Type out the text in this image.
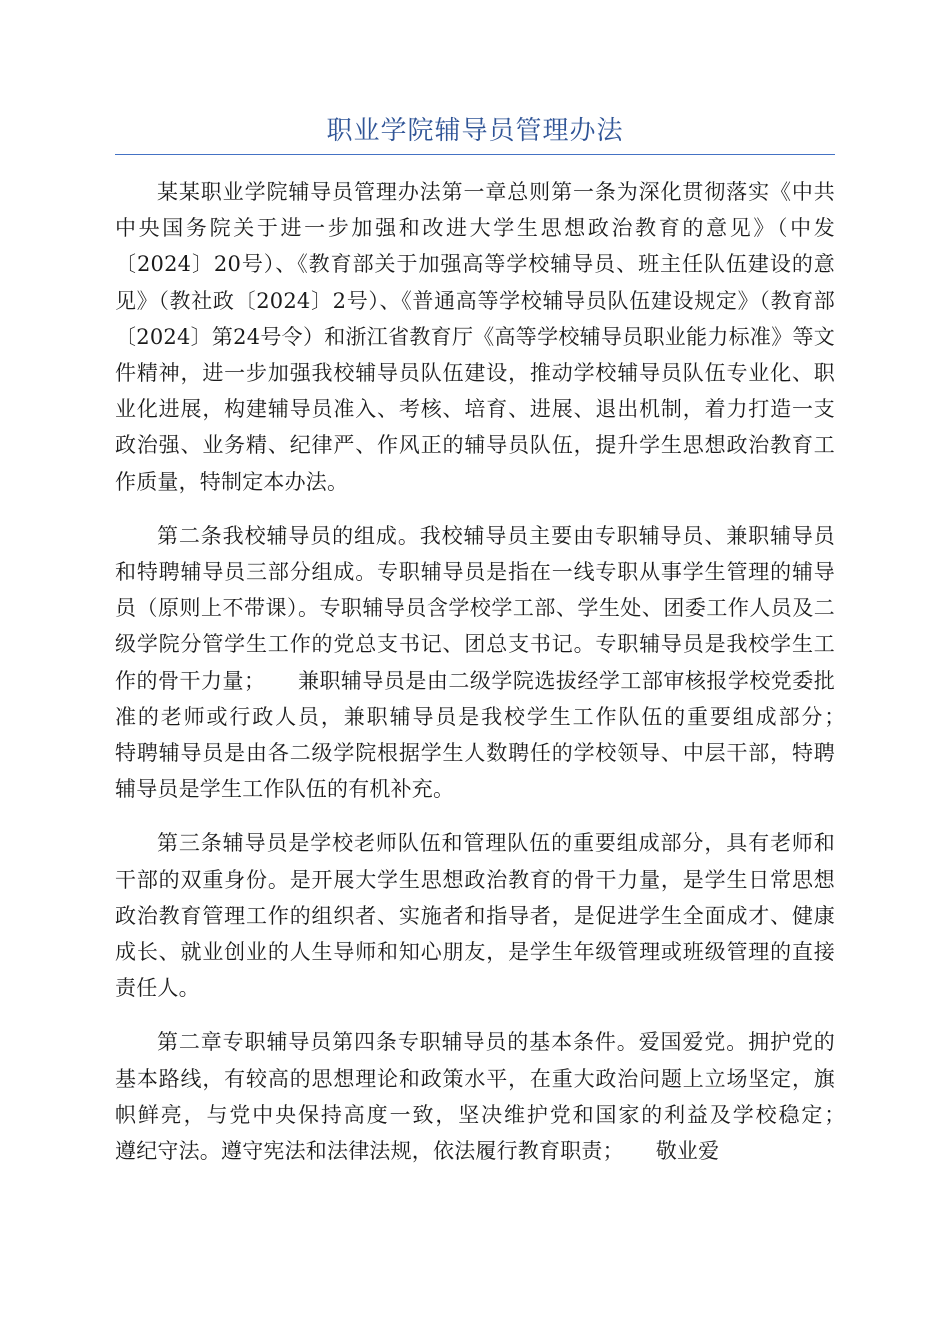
职业学院辅导员管理办法

某某职业学院辅导员管理办法第一章总则第一条为深化贯彻落实《中共中央国务院关于进一步加强和改进大学生思想政治教育的意见》（中发〔2024〕20号）、《教育部关于加强高等学校辅导员、班主任队伍建设的意见》（教社政〔2024〕2号）、《普通高等学校辅导员队伍建设规定》（教育部〔2024〕第24号令）和浙江省教育厅《高等学校辅导员职业能力标准》等文件精神，进一步加强我校辅导员队伍建设，推动学校辅导员队伍专业化、职业化进展，构建辅导员准入、考核、培育、进展、退出机制，着力打造一支政治强、业务精、纪律严、作风正的辅导员队伍，提升学生思想政治教育工作质量，特制定本办法。

第二条我校辅导员的组成。我校辅导员主要由专职辅导员、兼职辅导员和特聘辅导员三部分组成。专职辅导员是指在一线专职从事学生管理的辅导员（原则上不带课）。专职辅导员含学校学工部、学生处、团委工作人员及二级学院分管学生工作的党总支书记、团总支书记。专职辅导员是我校学生工作的骨干力量；　　兼职辅导员是由二级学院选拔经学工部审核报学校党委批准的老师或行政人员，兼职辅导员是我校学生工作队伍的重要组成部分；　　特聘辅导员是由各二级学院根据学生人数聘任的学校领导、中层干部，特聘辅导员是学生工作队伍的有机补充。

第三条辅导员是学校老师队伍和管理队伍的重要组成部分，具有老师和干部的双重身份。是开展大学生思想政治教育的骨干力量，是学生日常思想政治教育管理工作的组织者、实施者和指导者，是促进学生全面成才、健康成长、就业创业的人生导师和知心朋友，是学生年级管理或班级管理的直接责任人。

第二章专职辅导员第四条专职辅导员的基本条件。爱国爱党。拥护党的基本路线，有较高的思想理论和政策水平，在重大政治问题上立场坚定，旗帜鲜亮，与党中央保持高度一致，坚决维护党和国家的利益及学校稳定；　　遵纪守法。遵守宪法和法律法规，依法履行教育职责；　　敬业爱
